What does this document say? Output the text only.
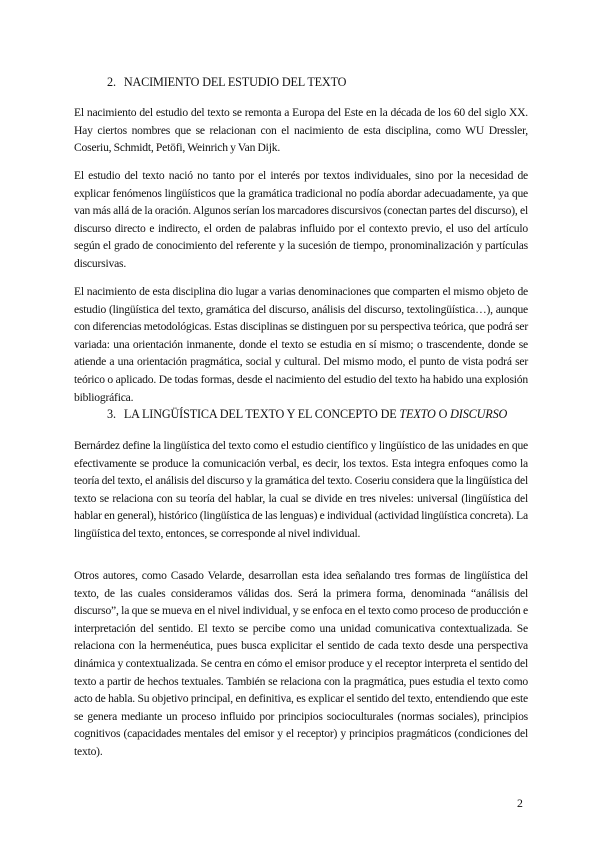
2. NACIMIENTO DEL ESTUDIO DEL TEXTO

El nacimiento del estudio del texto se remonta a Europa del Este en la década de los 60 del siglo XX. Hay ciertos nombres que se relacionan con el nacimiento de esta disciplina, como WU Dressler, Coseriu, Schmidt, Petöfi, Weinrich y Van Dijk.

El estudio del texto nació no tanto por el interés por textos individuales, sino por la necesidad de explicar fenómenos lingüísticos que la gramática tradicional no podía abordar adecuadamente, ya que van más allá de la oración. Algunos serían los marcadores discursivos (conectan partes del discurso), el discurso directo e indirecto, el orden de palabras influido por el contexto previo, el uso del artículo según el grado de conocimiento del referente y la sucesión de tiempo, pronominalización y partículas discursivas.

El nacimiento de esta disciplina dio lugar a varias denominaciones que comparten el mismo objeto de estudio (lingüística del texto, gramática del discurso, análisis del discurso, textolingüística…), aunque con diferencias metodológicas. Estas disciplinas se distinguen por su perspectiva teórica, que podrá ser variada: una orientación inmanente, donde el texto se estudia en sí mismo; o trascendente, donde se atiende a una orientación pragmática, social y cultural. Del mismo modo, el punto de vista podrá ser teórico o aplicado. De todas formas, desde el nacimiento del estudio del texto ha habido una explosión bibliográfica.

3. LA LINGÜÍSTICA DEL TEXTO Y EL CONCEPTO DE TEXTO O DISCURSO

Bernárdez define la lingüística del texto como el estudio científico y lingüístico de las unidades en que efectivamente se produce la comunicación verbal, es decir, los textos. Esta integra enfoques como la teoría del texto, el análisis del discurso y la gramática del texto. Coseriu considera que la lingüística del texto se relaciona con su teoría del hablar, la cual se divide en tres niveles: universal (lingüística del hablar en general), histórico (lingüística de las lenguas) e individual (actividad lingüística concreta). La lingüística del texto, entonces, se corresponde al nivel individual.

Otros autores, como Casado Velarde, desarrollan esta idea señalando tres formas de lingüística del texto, de las cuales consideramos válidas dos. Será la primera forma, denominada “análisis del discurso”, la que se mueva en el nivel individual, y se enfoca en el texto como proceso de producción e interpretación del sentido. El texto se percibe como una unidad comunicativa contextualizada. Se relaciona con la hermenéutica, pues busca explicitar el sentido de cada texto desde una perspectiva dinámica y contextualizada. Se centra en cómo el emisor produce y el receptor interpreta el sentido del texto a partir de hechos textuales. También se relaciona con la pragmática, pues estudia el texto como acto de habla. Su objetivo principal, en definitiva, es explicar el sentido del texto, entendiendo que este se genera mediante un proceso influido por principios socioculturales (normas sociales), principios cognitivos (capacidades mentales del emisor y el receptor) y principios pragmáticos (condiciones del texto).

2
